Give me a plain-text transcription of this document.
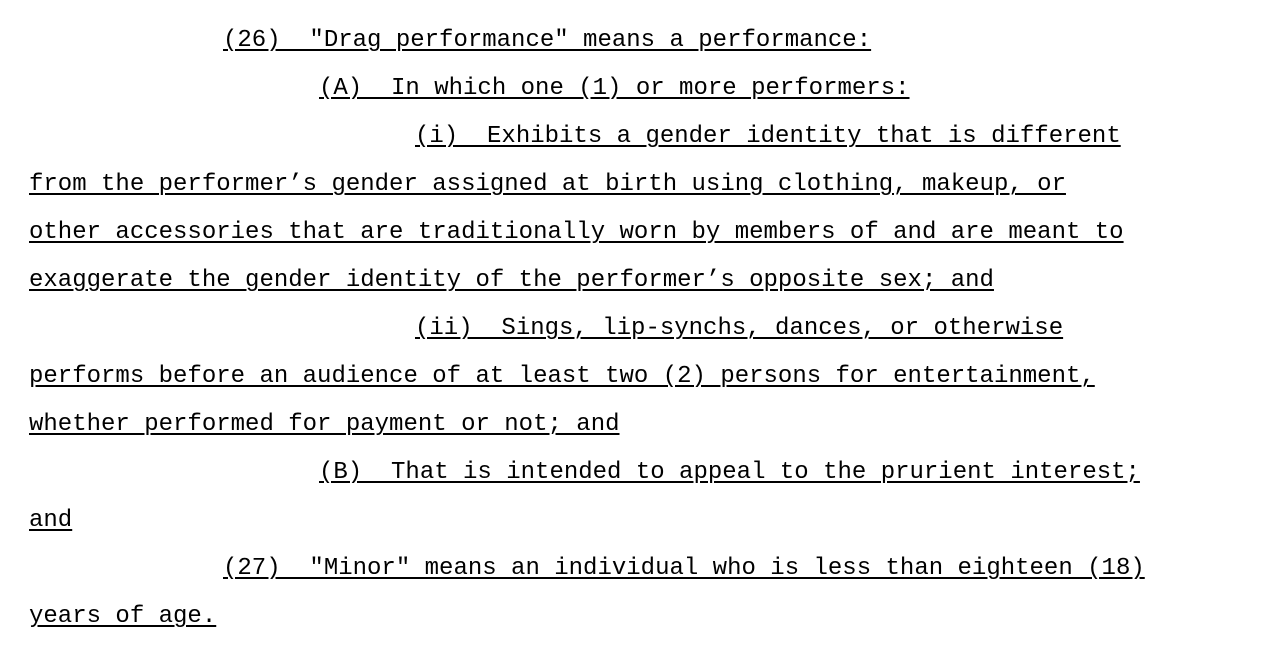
(26)  "Drag performance" means a performance:
(A)  In which one (1) or more performers:
(i)  Exhibits a gender identity that is different
from the performer’s gender assigned at birth using clothing, makeup, or
other accessories that are traditionally worn by members of and are meant to
exaggerate the gender identity of the performer’s opposite sex; and
(ii)  Sings, lip-synchs, dances, or otherwise
performs before an audience of at least two (2) persons for entertainment,
whether performed for payment or not; and
(B)  That is intended to appeal to the prurient interest;
and
(27)  "Minor" means an individual who is less than eighteen (18)
years of age.
